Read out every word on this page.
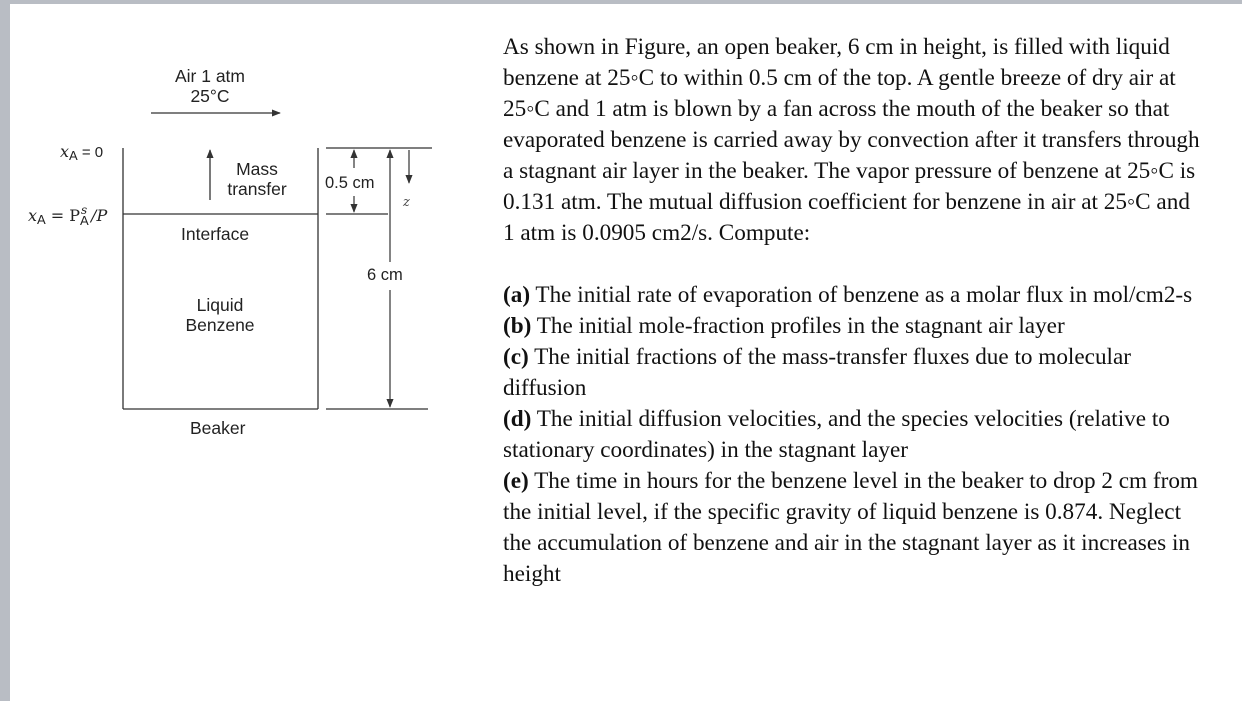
Air 1 atm
25°C
Mass
transfer
Interface
Liquid
Benzene
Beaker
0.5 cm
6 cm
z
$x_A = 0$
$x_A = P$ s
A /P

As shown in Figure, an open beaker, 6 cm in height, is filled with liquid benzene at 25◦C to within 0.5 cm of the top. A gentle breeze of dry air at 25◦C and 1 atm is blown by a fan across the mouth of the beaker so that evaporated benzene is carried away by convection after it transfers through a stagnant air layer in the beaker. The vapor pressure of benzene at 25◦C is 0.131 atm. The mutual diffusion coefficient for benzene in air at 25◦C and 1 atm is 0.0905 cm2/s. Compute:

(a) The initial rate of evaporation of benzene as a molar flux in mol/cm2-s

(b) The initial mole-fraction profiles in the stagnant air layer

(c) The initial fractions of the mass-transfer fluxes due to molecular diffusion

(d) The initial diffusion velocities, and the species velocities (relative to stationary coordinates) in the stagnant layer

(e) The time in hours for the benzene level in the beaker to drop 2 cm from the initial level, if the specific gravity of liquid benzene is 0.874. Neglect the accumulation of benzene and air in the stagnant layer as it increases in height
